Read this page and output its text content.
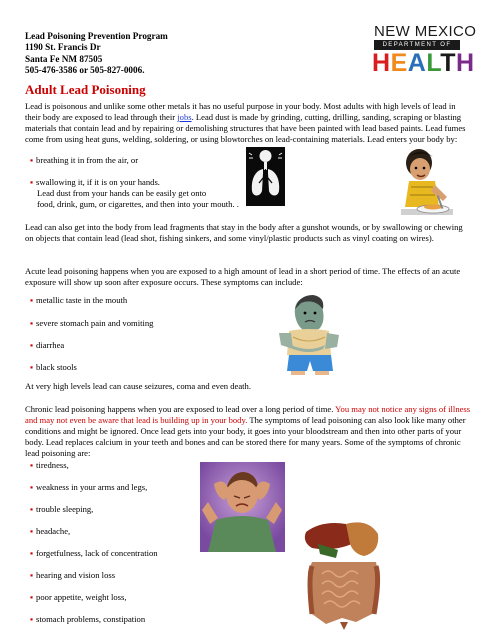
Lead Poisoning Prevention Program
1190 St. Francis Dr
Santa Fe NM 87505
505-476-3586 or 505-827-0006.
NEW MEXICO
DEPARTMENT OF
HEALTH
Adult Lead Poisoning
Lead is poisonous and unlike some other metals it has no useful purpose in your body. Most adults with high levels of lead in their body are exposed to lead through their jobs. Lead dust is made by grinding, cutting, drilling, sanding, scraping or blasting materials that contain lead and by repairing or demolishing structures that have been painted with lead based paints. Lead fumes come from using heat guns, welding, soldering, or using blowtorches on lead-containing materials. Lead enters your body by:
▪ breathing it in from the air, or
▪ swallowing it, if it is on your hands.
Lead dust from your hands can be easily get onto
food, drink, gum, or cigarettes, and then into your mouth. .
Lead can also get into the body from lead fragments that stay in the body after a gunshot wounds, or by swallowing or chewing on objects that contain lead (lead shot, fishing sinkers, and some vinyl/plastic products such as vinyl coating on wires).
Acute lead poisoning happens when you are exposed to a high amount of lead in a short period of time. The effects of an acute exposure will show up soon after exposure occurs. These symptoms can include:
▪ metallic taste in the mouth
▪ severe stomach pain and vomiting
▪ diarrhea
▪ black stools
At very high levels lead can cause seizures, coma and even death.
Chronic lead poisoning happens when you are exposed to lead over a long period of time. You may not notice any signs of illness and may not even be aware that lead is building up in your body. The symptoms of lead poisoning can also look like many other conditions and might be ignored. Once lead gets into your body, it goes into your bloodstream and then into other parts of your body. Lead replaces calcium in your teeth and bones and can be stored there for many years. Some of the symptoms of chronic lead poisoning are:
▪ tiredness,
▪ weakness in your arms and legs,
▪ trouble sleeping,
▪ headache,
▪ forgetfulness, lack of concentration
▪ hearing and vision loss
▪ poor appetite, weight loss,
▪ stomach problems, constipation
